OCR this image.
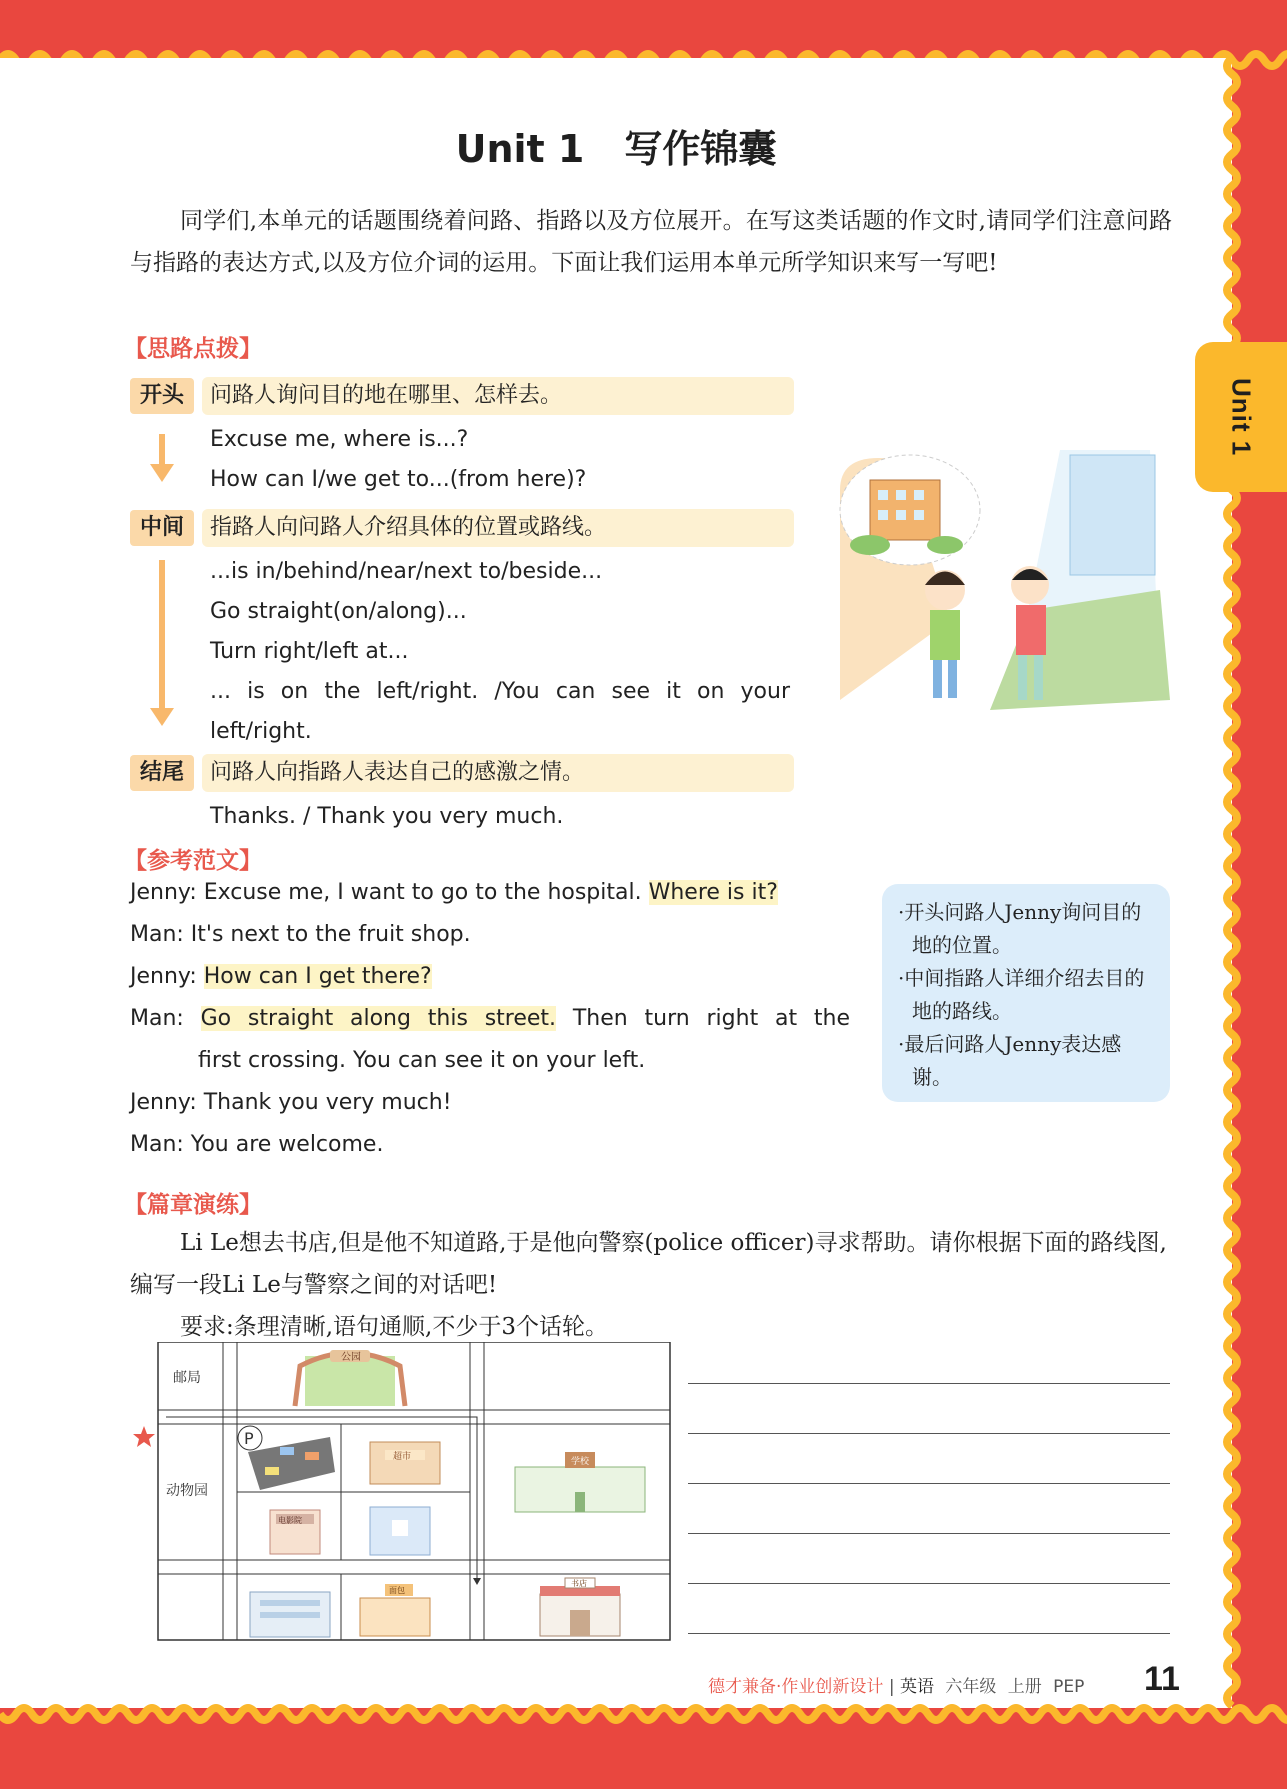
Unit 1
Unit 1 写作锦囊
同学们,本单元的话题围绕着问路、指路以及方位展开。在写这类话题的作文时,请同学们注意问路与指路的表达方式,以及方位介词的运用。下面让我们运用本单元所学知识来写一写吧!
【思路点拨】
开头	问路人询问目的地在哪里、怎样去。
Excuse me, where is...?
How can I/we get to...(from here)?
中间	指路人向问路人介绍具体的位置或路线。
...is in/behind/near/next to/beside...
Go straight(on/along)...
Turn right/left at...
... is on the left/right. /You can see it on your
left/right.
结尾	问路人向指路人表达自己的感激之情。
Thanks. / Thank you very much.
【参考范文】
Jenny: Excuse me, I want to go to the hospital. Where is it?
Man: It's next to the fruit shop.
Jenny: How can I get there?
Man: Go straight along this street. Then turn right at the
first crossing. You can see it on your left.
Jenny: Thank you very much!
Man: You are welcome.

·开头问路人Jenny询问目的地的位置。

·中间指路人详细介绍去目的地的路线。

·最后问路人Jenny表达感谢。

【篇章演练】
Li Le想去书店,但是他不知道路,于是他向警察(police officer)寻求帮助。请你根据下面的路线图,编写一段Li Le与警察之间的对话吧!
要求:条理清晰,语句通顺,不少于3个话轮。
邮局
动物园
公园
P
超市
电影院
学校
面包
书店
德才兼备·作业创新设计 | 英语 六年级 上册 PEP 11
